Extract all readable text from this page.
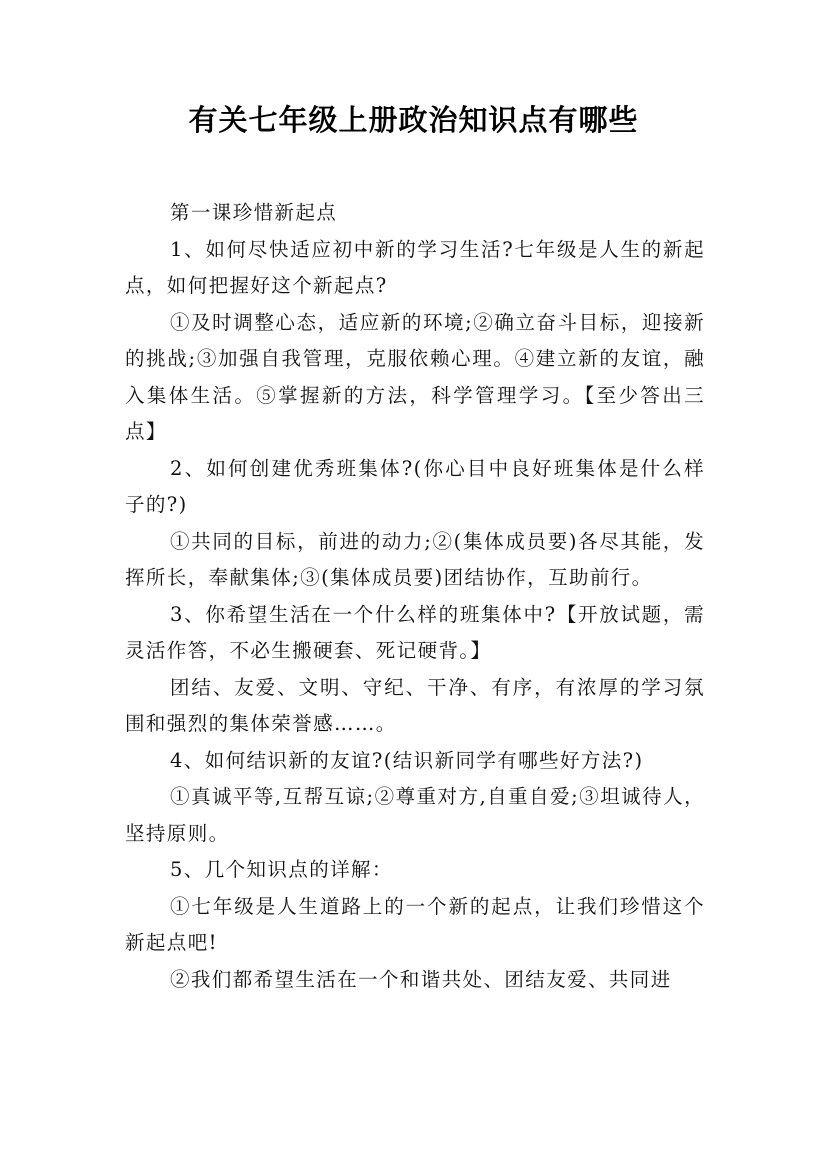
有关七年级上册政治知识点有哪些

第一课珍惜新起点

1、如何尽快适应初中新的学习生活?七年级是人生的新起点，如何把握好这个新起点?

①及时调整心态，适应新的环境;②确立奋斗目标，迎接新的挑战;③加强自我管理，克服依赖心理。④建立新的友谊，融入集体生活。⑤掌握新的方法，科学管理学习。【至少答出三点】

2、如何创建优秀班集体?(你心目中良好班集体是什么样子的?)

①共同的目标，前进的动力;②(集体成员要)各尽其能，发挥所长，奉献集体;③(集体成员要)团结协作，互助前行。

3、你希望生活在一个什么样的班集体中?【开放试题，需灵活作答，不必生搬硬套、死记硬背。】

团结、友爱、文明、守纪、干净、有序，有浓厚的学习氛围和强烈的集体荣誉感……。

4、如何结识新的友谊?(结识新同学有哪些好方法?)

①真诚平等,互帮互谅;②尊重对方,自重自爱;③坦诚待人，坚持原则。

5、几个知识点的详解：

①七年级是人生道路上的一个新的起点，让我们珍惜这个新起点吧!

②我们都希望生活在一个和谐共处、团结友爱、共同进
